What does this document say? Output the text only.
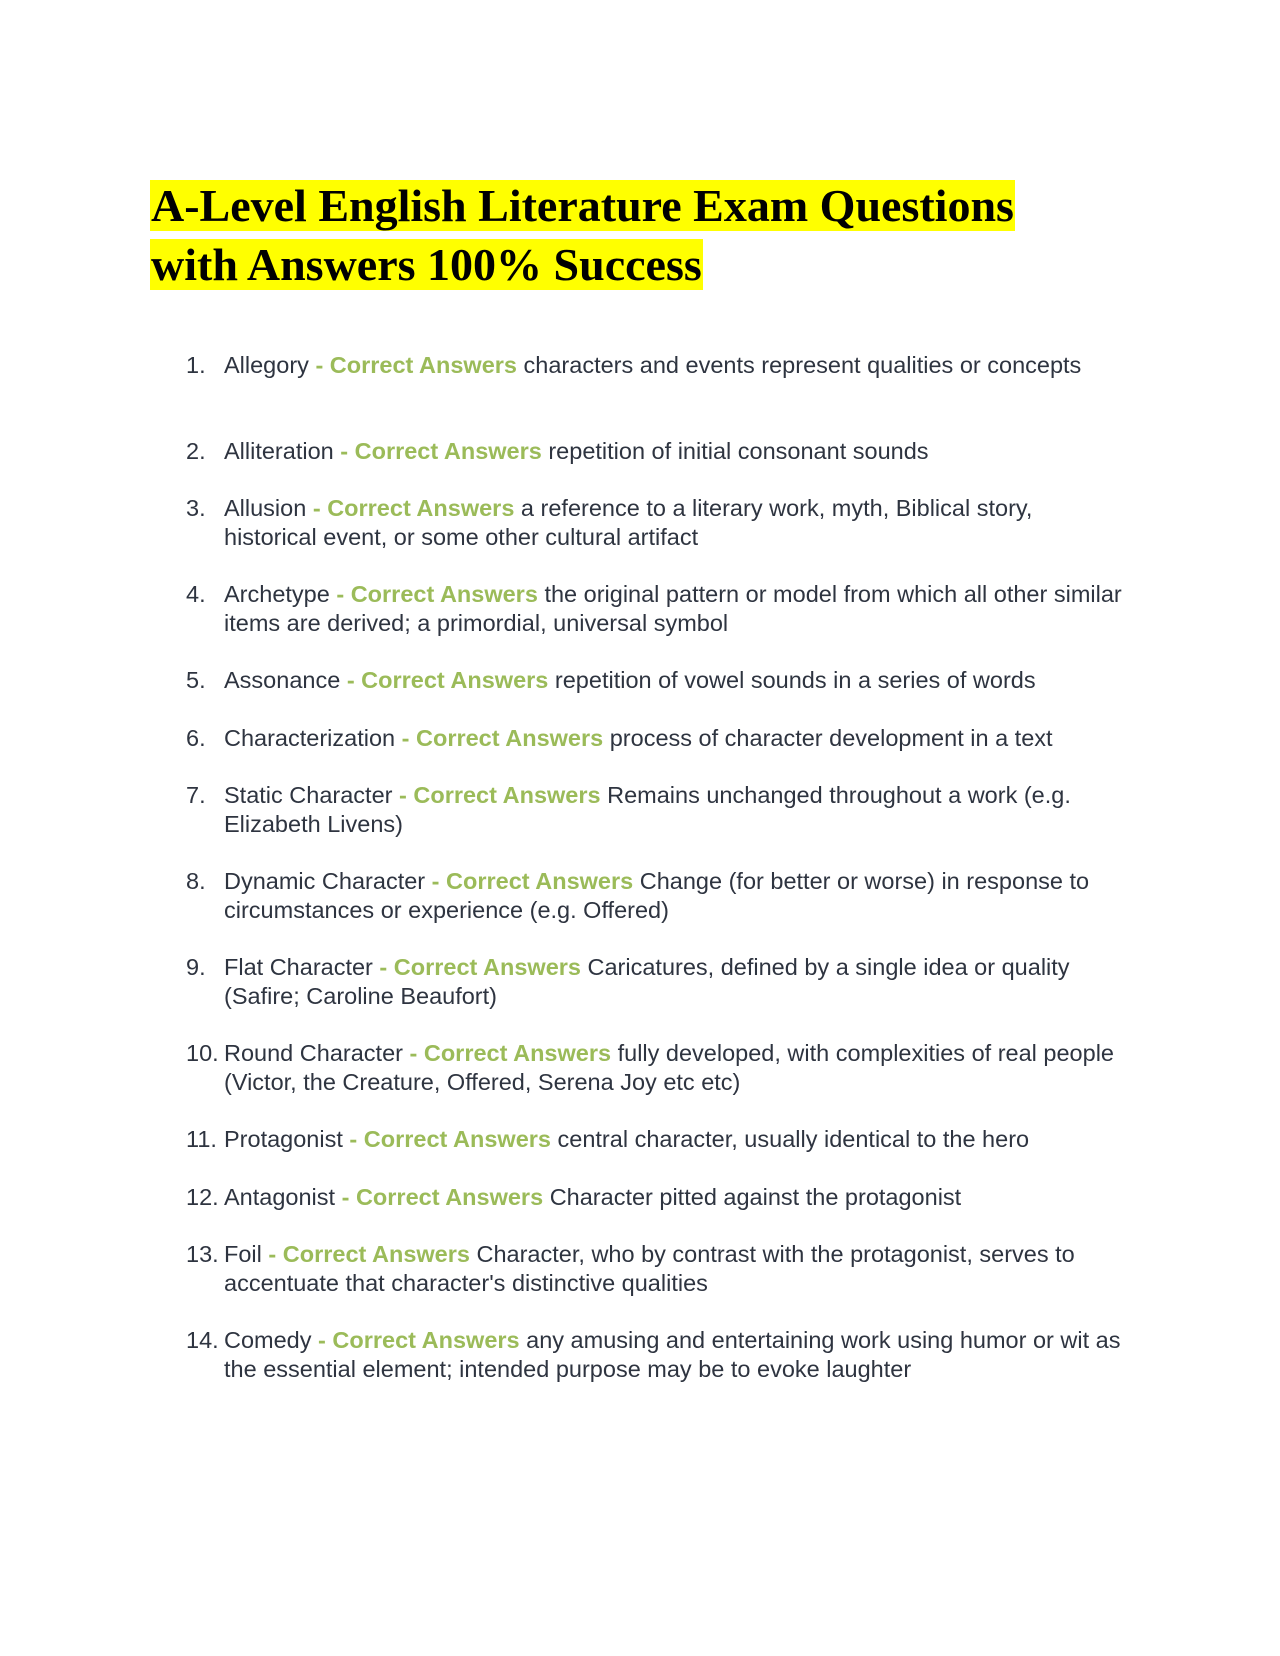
A-Level English Literature Exam Questions
with Answers 100% Success
1. Allegory - Correct Answers characters and events represent qualities or concepts
2. Alliteration - Correct Answers repetition of initial consonant sounds
3. Allusion - Correct Answers a reference to a literary work, myth, Biblical story, historical event, or some other cultural artifact
4. Archetype - Correct Answers the original pattern or model from which all other similar items are derived; a primordial, universal symbol
5. Assonance - Correct Answers repetition of vowel sounds in a series of words
6. Characterization - Correct Answers process of character development in a text
7. Static Character - Correct Answers Remains unchanged throughout a work (e.g. Elizabeth Livens)
8. Dynamic Character - Correct Answers Change (for better or worse) in response to circumstances or experience (e.g. Offered)
9. Flat Character - Correct Answers Caricatures, defined by a single idea or quality (Safire; Caroline Beaufort)
10. Round Character - Correct Answers fully developed, with complexities of real people (Victor, the Creature, Offered, Serena Joy etc etc)
11. Protagonist - Correct Answers central character, usually identical to the hero
12. Antagonist - Correct Answers Character pitted against the protagonist
13. Foil - Correct Answers Character, who by contrast with the protagonist, serves to accentuate that character's distinctive qualities
14. Comedy - Correct Answers any amusing and entertaining work using humor or wit as the essential element; intended purpose may be to evoke laughter
